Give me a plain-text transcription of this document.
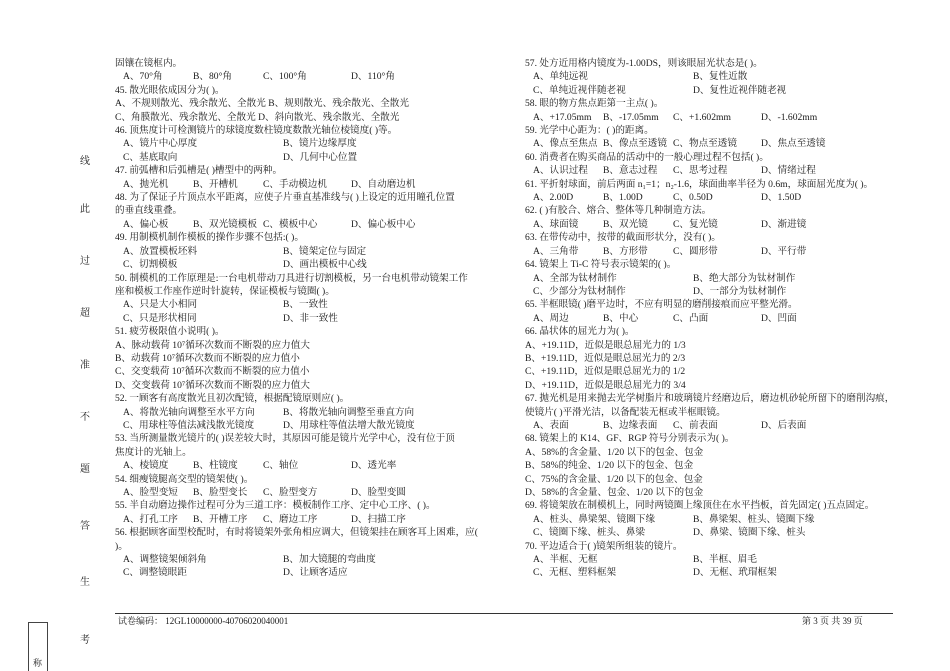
线
此
过
超
准
不
题
答
生
考
称
固镶在镜框内。
A、70°角	B、80°角	C、100°角	D、110°角
45. 散光眼依成因分为( )。
A、不规则散光、残余散光、全散光 B、规则散光、残余散光、全散光
C、角膜散光、残余散光、全散光 D、斜向散光、残余散光、全散光
46. 顶焦度计可检测镜片的球镜度数柱镜度数散光轴位棱镜度( )等。
A、镜片中心厚度	B、镜片边缘厚度
C、基底取向	D、几何中心位置
47. 前弧槽和后弧槽是( )槽型中的两种。
A、抛光机	B、开槽机	C、手动模边机	D、自动磨边机
48. 为了保证子片顶点水平距离，应使子片垂直基准线与( )上设定的近用瞳孔位置
的垂直线重叠。
A、偏心板	B、双光镜模板 C、模板中心	D、偏心板中心
49. 用制模机制作模板的操作步骤不包括:( )。
A、放置模板坯料	B、镜架定位与固定
C、切割模板	D、画出模板中心线
50. 制模机的工作原理是:一台电机带动刀具进行切割模板，另一台电机带动镜架工作
座和模板工作座作逆时针旋转，保证模板与镜圈( )。
A、只是大小相同	B、一致性
C、只是形状相同	D、非一致性
51. 疲劳极限值小说明( )。
A、脉动载荷 10⁷循环次数而不断裂的应力值大
B、动载荷 10⁷循环次数而不断裂的应力值小
C、交变载荷 10⁷循环次数而不断裂的应力值小
D、交变载荷 10⁷循环次数而不断裂的应力值大
52. 一顾客有高度散光且初次配镜，根据配镜原则应( )。
A、将散光轴向调整至水平方向	B、将散光轴向调整至垂直方向
C、用球柱等值法减浅散光镜度	D、用球柱等值法增大散光镜度
53. 当所测量散光镜片的( )误差较大时，其原因可能是镜片光学中心，没有位于顶
焦度计的光轴上。
A、棱镜度	B、柱镜度	C、轴位	D、透光率
54. 细瘦镜腿高交型的镜架使( )。
A、脸型变短 B、脸型变长 C、脸型变方	D、脸型变圆
55. 半自动磨边操作过程可分为三道工序：模板制作工序、定中心工序、( )。
A、打孔工序 B、开槽工序 C、磨边工序	D、扫描工序
56. 根据顾客面型校配时，有时将镜架外张角相应调大，但镜架挂在顾客耳上困难，应(
)。
A、调整镜架倾斜角	B、加大镜腿的弯曲度
C、调整镜眼距	D、让顾客适应
57. 处方近用格内镜度为-1.00DS，则该眼屈光状态是( )。
A、单纯远视	B、复性近散
C、单纯近视伴随老视	D、复性近视伴随老视
58. 眼的物方焦点距第一主点( )。
A、+17.05mm B、-17.05mm C、+1.602mm	D、-1.602mm
59. 光学中心距为：( )的距离。
A、像点至焦点 B、像点至透镜 C、物点至透镜	D、焦点至透镜
60. 消费者在购买商品的活动中的一般心理过程不包括( )。
A、认识过程 B、意志过程 C、思考过程	D、情绪过程
61. 平折射球面，前后两面 n₁=1；n₂-1.6，球面曲率半径为 0.6m，球面屈光度为( )。
A、2.00D	B、1.00D	C、0.50D	D、1.50D
62. ( )有胶合、熔合、整体等几种制造方法。
A、球面镜	B、双光镜	C、复光镜	D、渐进镜
63. 在带传动中，按带的截面形状分，没有( )。
A、三角带	B、方形带	C、圆形带	D、平行带
64. 镜架上 Ti-C 符号表示镜架的( )。
A、全部为钛材制作	B、绝大部分为钛材制作
C、少部分为钛材制作	D、一部分为钛材制作
65. 半框眼镜( )磨平边时，不应有明显的磨削接痕而应平整光滑。
A、周边	B、中心	C、凸面	D、凹面
66. 晶状体的屈光力为( )。
A、+19.11D，近似是眼总屈光力的 1/3
B、+19.11D，近似是眼总屈光力的 2/3
C、+19.11D，近似是眼总屈光力的 1/2
D、+19.11D，近似是眼总屈光力的 3/4
67. 抛光机是用来抛去光学树脂片和玻璃镜片经磨边后，磨边机砂轮所留下的磨削沟痕，
使镜片( )平滑光洁，以备配装无框或半框眼镜。
A、表面	B、边缘表面 C、前表面	D、后表面
68. 镜架上的 K14、GF、RGP 符号分别表示为( )。
A、58%的含金量、1/20 以下的包金、包金
B、58%的纯金、1/20 以下的包金、包金
C、75%的含金量、1/20 以下的包金、包金
D、58%的含金量、包金、1/20 以下的包金
69. 将镜架放在制模机上，同时两镜圈上缘顶住在水平挡板，首先固定( )五点固定。
A、桩头、鼻梁架、镜圈下缘	B、鼻梁架、桩头、镜圈下缘
C、镜圈下缘、桩头、鼻梁	D、鼻梁、镜圈下缘、桩头
70. 平边适合于( )镜架所组装的镜片。
A、半框、无框	B、半框、眉毛
C、无框、塑料框架	D、无框、玳瑁框架
试卷编码： 12GL10000000-40706020040001	第 3 页 共 39 页
